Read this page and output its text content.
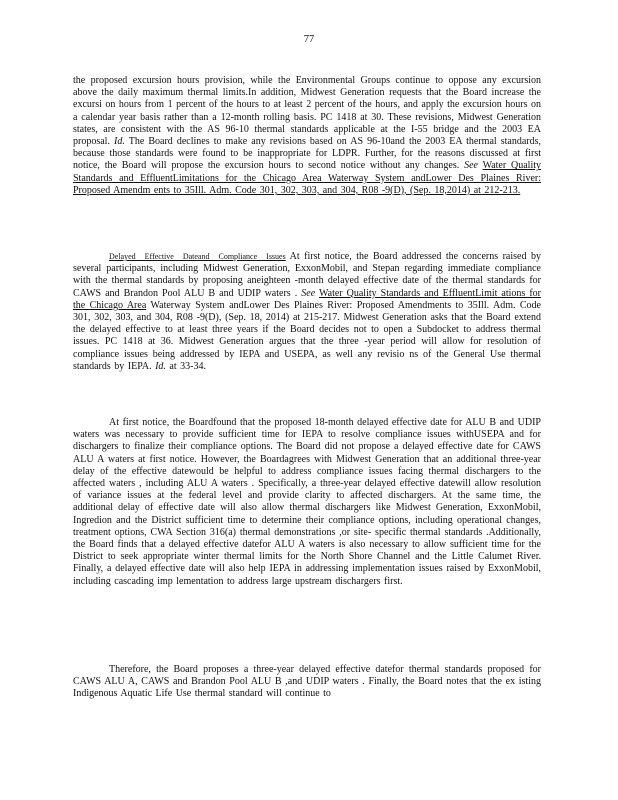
77

the proposed excursion hours provision, while the Environmental Groups continue to oppose any excursion above the daily maximum thermal limits.In addition, Midwest Generation requests that the Board increase the excursi on hours from 1 percent of the hours to at least 2 percent of the hours, and apply the excursion hours on a calendar year basis rather than a 12-month rolling basis. PC 1418 at 30. These revisions, Midwest Generation states, are consistent with the AS 96-10 thermal standards applicable at the I-55 bridge and the 2003 EA proposal. Id. The Board declines to make any revisions based on AS 96-10and the 2003 EA thermal standards, because those standards were found to be inappropriate for LDPR. Further, for the reasons discussed at first notice, the Board will propose the excursion hours to second notice without any changes. See Water Quality Standards and EffluentLimitations for the Chicago Area Waterway System andLower Des Plaines River: Proposed Amendm ents to 35Ill. Adm. Code 301, 302, 303, and 304, R08 -9(D), (Sep. 18,2014) at 212-213.

Delayed Effective Dateand Compliance Issues At first notice, the Board addressed the concerns raised by several participants, including Midwest Generation, ExxonMobil, and Stepan regarding immediate compliance with the thermal standards by proposing aneighteen -month delayed effective date of the thermal standards for CAWS and Brandon Pool ALU B and UDIP waters . See Water Quality Standards and EffluentLimit ations for the Chicago Area Waterway System andLower Des Plaines River: Proposed Amendments to 35Ill. Adm. Code 301, 302, 303, and 304, R08 -9(D), (Sep. 18, 2014) at 215-217. Midwest Generation asks that the Board extend the delayed effective to at least three years if the Board decides not to open a Subdocket to address thermal issues. PC 1418 at 36. Midwest Generation argues that the three -year period will allow for resolution of compliance issues being addressed by IEPA and USEPA, as well any revisio ns of the General Use thermal standards by IEPA. Id. at 33-34.

At first notice, the Boardfound that the proposed 18-month delayed effective date for ALU B and UDIP waters was necessary to provide sufficient time for IEPA to resolve compliance issues withUSEPA and for dischargers to finalize their compliance options. The Board did not propose a delayed effective date for CAWS ALU A waters at first notice. However, the Boardagrees with Midwest Generation that an additional three-year delay of the effective datewould be helpful to address compliance issues facing thermal dischargers to the affected waters , including ALU A waters . Specifically, a three-year delayed effective datewill allow resolution of variance issues at the federal level and provide clarity to affected dischargers. At the same time, the additional delay of effective date will also allow thermal dischargers like Midwest Generation, ExxonMobil, Ingredion and the District sufficient time to determine their compliance options, including operational changes, treatment options, CWA Section 316(a) thermal demonstrations ,or site- specific thermal standards .Additionally, the Board finds that a delayed effective datefor ALU A waters is also necessary to allow sufficient time for the District to seek appropriate winter thermal limits for the North Shore Channel and the Little Calumet River. Finally, a delayed effective date will also help IEPA in addressing implementation issues raised by ExxonMobil, including cascading imp lementation to address large upstream dischargers first.

Therefore, the Board proposes a three-year delayed effective datefor thermal standards proposed for CAWS ALU A, CAWS and Brandon Pool ALU B ,and UDIP waters . Finally, the Board notes that the ex isting Indigenous Aquatic Life Use thermal standard will continue to
